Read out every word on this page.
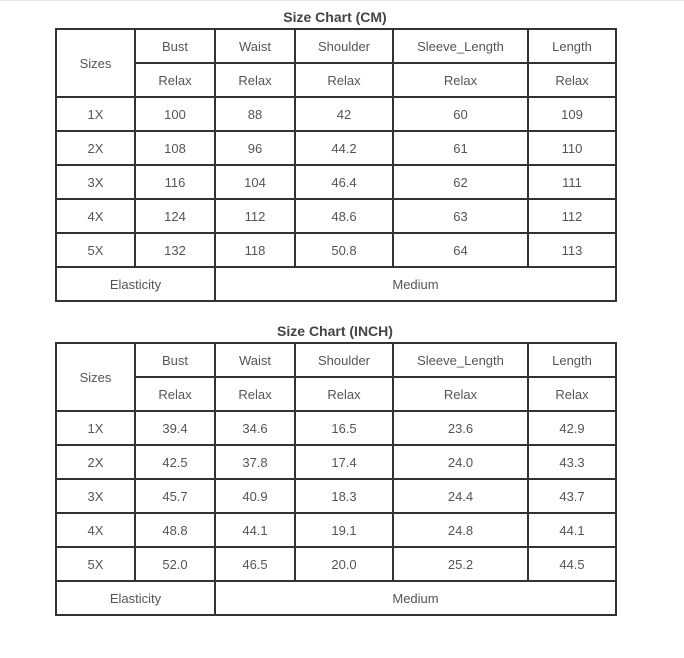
Size Chart (CM)
Sizes	Bust	Waist	Shoulder	Sleeve_Length	Length
	Relax	Relax	Relax	Relax	Relax
1X	100	88	42	60	109
2X	108	96	44.2	61	110
3X	116	104	46.4	62	111
4X	124	112	48.6	63	112
5X	132	118	50.8	64	113
Elasticity		Medium			
Size Chart (INCH)
Sizes	Bust	Waist	Shoulder	Sleeve_Length	Length
	Relax	Relax	Relax	Relax	Relax
1X	39.4	34.6	16.5	23.6	42.9
2X	42.5	37.8	17.4	24.0	43.3
3X	45.7	40.9	18.3	24.4	43.7
4X	48.8	44.1	19.1	24.8	44.1
5X	52.0	46.5	20.0	25.2	44.5
Elasticity		Medium			
